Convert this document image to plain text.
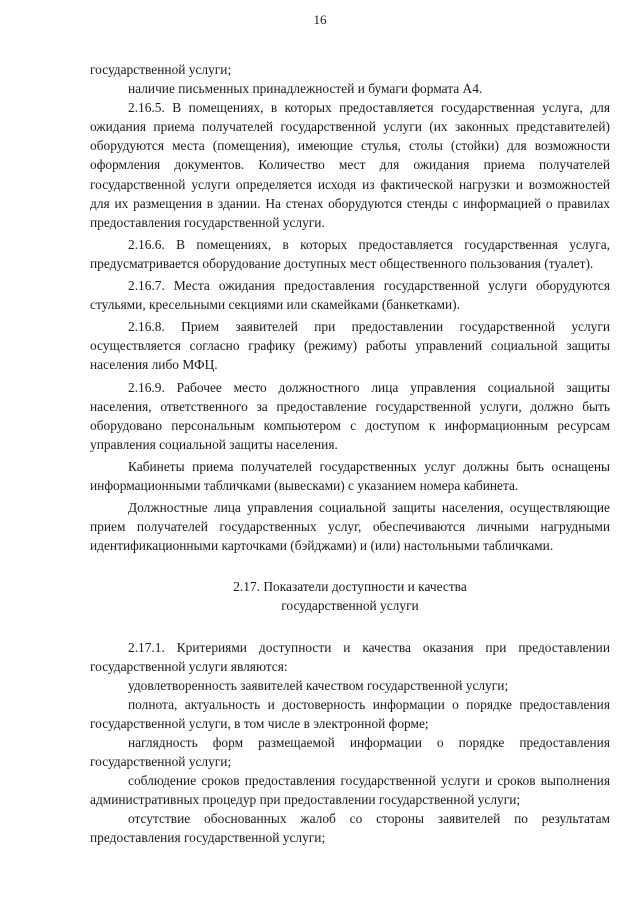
16

государственной услуги;

наличие письменных принадлежностей и бумаги формата А4.

2.16.5. В помещениях, в которых предоставляется государственная услуга, для ожидания приема получателей государственной услуги (их законных представителей) оборудуются места (помещения), имеющие стулья, столы (стойки) для возможности оформления документов. Количество мест для ожидания приема получателей государственной услуги определяется исходя из фактической нагрузки и возможностей для их размещения в здании. На стенах оборудуются стенды с информацией о правилах предоставления государственной услуги.

2.16.6. В помещениях, в которых предоставляется государственная услуга, предусматривается оборудование доступных мест общественного пользования (туалет).

2.16.7. Места ожидания предоставления государственной услуги оборудуются стульями, кресельными секциями или скамейками (банкетками).

2.16.8. Прием заявителей при предоставлении государственной услуги осуществляется согласно графику (режиму) работы управлений социальной защиты населения либо МФЦ.

2.16.9. Рабочее место должностного лица управления социальной защиты населения, ответственного за предоставление государственной услуги, должно быть оборудовано персональным компьютером с доступом к информационным ресурсам управления социальной защиты населения.

Кабинеты приема получателей государственных услуг должны быть оснащены информационными табличками (вывесками) с указанием номера кабинета.

Должностные лица управления социальной защиты населения, осуществляющие прием получателей государственных услуг, обеспечиваются личными нагрудными идентификационными карточками (бэйджами) и (или) настольными табличками.

2.17. Показатели доступности и качества
государственной услуги

2.17.1. Критериями доступности и качества оказания при предоставлении государственной услуги являются:

удовлетворенность заявителей качеством государственной услуги;

полнота, актуальность и достоверность информации о порядке предоставления государственной услуги, в том числе в электронной форме;

наглядность форм размещаемой информации о порядке предоставления государственной услуги;

соблюдение сроков предоставления государственной услуги и сроков выполнения административных процедур при предоставлении государственной услуги;

отсутствие обоснованных жалоб со стороны заявителей по результатам предоставления государственной услуги;
